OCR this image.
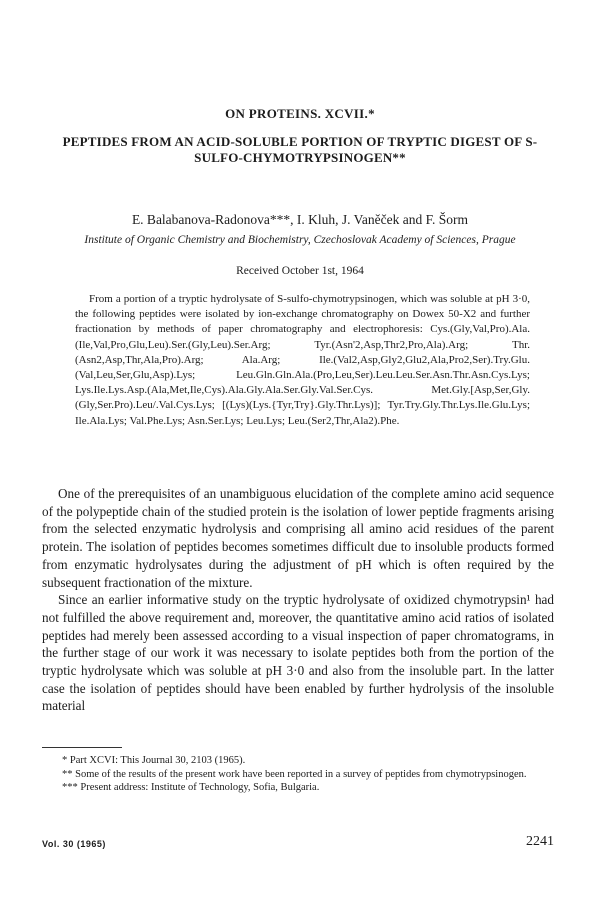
ON PROTEINS. XCVII.*
PEPTIDES FROM AN ACID-SOLUBLE PORTION OF TRYPTIC DIGEST OF S-SULFO-CHYMOTRYPSINOGEN**
E. Balabanova-Radonova***, I. Kluh, J. Vaněček and F. Šorm
Institute of Organic Chemistry and Biochemistry, Czechoslovak Academy of Sciences, Prague
Received October 1st, 1964
From a portion of a tryptic hydrolysate of S-sulfo-chymotrypsinogen, which was soluble at pH 3·0, the following peptides were isolated by ion-exchange chromatography on Dowex 50-X2 and further fractionation by methods of paper chromatography and electrophoresis: Cys.(Gly,Val,Pro).Ala.(Ile,Val,Pro,Glu,Leu).Ser.(Gly,Leu).Ser.Arg; Tyr.(Asn'2,Asp,Thr2,Pro,Ala).Arg; Thr.(Asn2,Asp,Thr,Ala,Pro).Arg; Ala.Arg; Ile.(Val2,Asp,Gly2,Glu2,Ala,Pro2,Ser).Try.Glu.(Val,Leu,Ser,Glu,Asp).Lys; Leu.Gln.Gln.Ala.(Pro,Leu,Ser).Leu.Leu.Ser.Asn.Thr.Asn.Cys.Lys; Lys.Ile.Lys.Asp.(Ala,Met,Ile,Cys).Ala.Gly.Ala.Ser.Gly.Val.Ser.Cys. Met.Gly.[Asp,Ser,Gly.(Gly,Ser.Pro).Leu/.Val.Cys.Lys; [(Lys)(Lys.{Tyr,Try}.Gly.Thr.Lys)]; Tyr.Try.Gly.Thr.Lys.Ile.Glu.Lys; Ile.Ala.Lys; Val.Phe.Lys; Asn.Ser.Lys; Leu.Lys; Leu.(Ser2,Thr,Ala2).Phe.

One of the prerequisites of an unambiguous elucidation of the complete amino acid sequence of the polypeptide chain of the studied protein is the isolation of lower peptide fragments arising from the selected enzymatic hydrolysis and comprising all amino acid residues of the parent protein. The isolation of peptides becomes sometimes difficult due to insoluble products formed from enzymatic hydrolysates during the adjustment of pH which is often required by the subsequent fractionation of the mixture.

Since an earlier informative study on the tryptic hydrolysate of oxidized chymotrypsin¹ had not fulfilled the above requirement and, moreover, the quantitative amino acid ratios of isolated peptides had merely been assessed according to a visual inspection of paper chromatograms, in the further stage of our work it was necessary to isolate peptides both from the portion of the tryptic hydrolysate which was soluble at pH 3·0 and also from the insoluble part. In the latter case the isolation of peptides should have been enabled by further hydrolysis of the insoluble material

* Part XCVI: This Journal 30, 2103 (1965).

** Some of the results of the present work have been reported in a survey of peptides from chymotrypsinogen.

*** Present address: Institute of Technology, Sofia, Bulgaria.

Vol. 30 (1965)	2241
